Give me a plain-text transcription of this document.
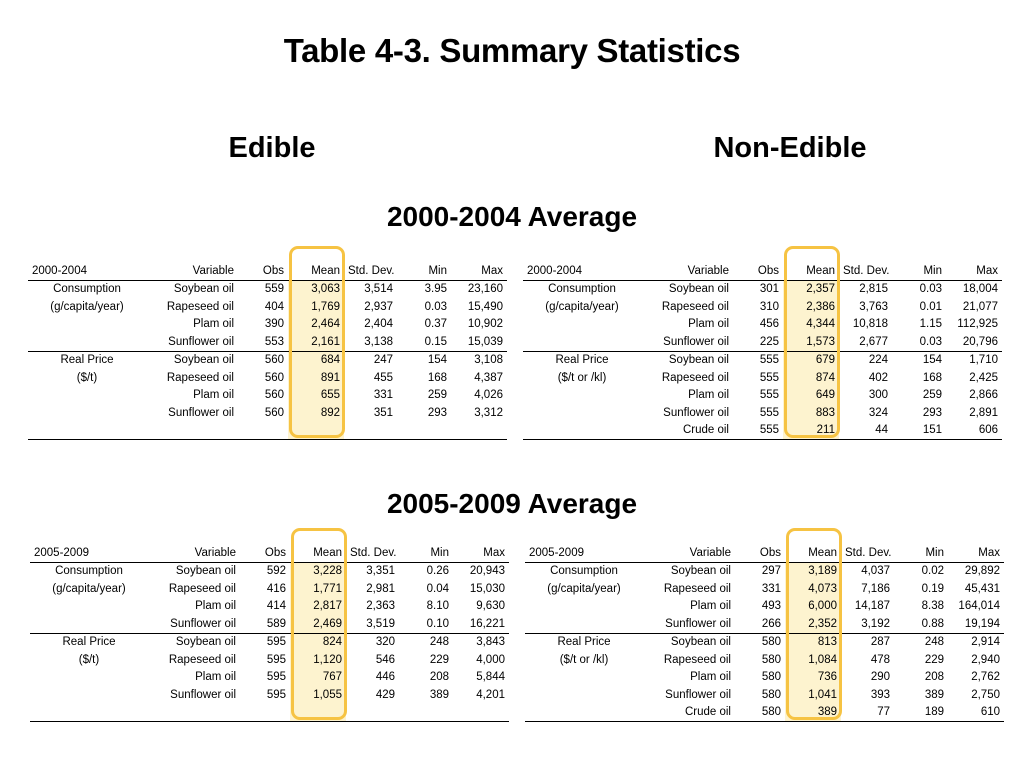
Table 4-3. Summary Statistics
Edible	Non-Edible
2000-2004 Average
2005-2009 Average
2000-2004	Variable	Obs	Mean	Std. Dev.	Min	Max
Consumption	Soybean oil	559	3,063	3,514	3.95	23,160
(g/capita/year)	Rapeseed oil	404	1,769	2,937	0.03	15,490
	Plam oil	390	2,464	2,404	0.37	10,902
	Sunflower oil	553	2,161	3,138	0.15	15,039
Real Price	Soybean oil	560	684	247	154	3,108
($/t)	Rapeseed oil	560	891	455	168	4,387
	Plam oil	560	655	331	259	4,026
	Sunflower oil	560	892	351	293	3,312

2000-2004	Variable	Obs	Mean	Std. Dev.	Min	Max
Consumption	Soybean oil	301	2,357	2,815	0.03	18,004
(g/capita/year)	Rapeseed oil	310	2,386	3,763	0.01	21,077
	Plam oil	456	4,344	10,818	1.15	112,925
	Sunflower oil	225	1,573	2,677	0.03	20,796
Real Price	Soybean oil	555	679	224	154	1,710
($/t or /kl)	Rapeseed oil	555	874	402	168	2,425
	Plam oil	555	649	300	259	2,866
	Sunflower oil	555	883	324	293	2,891
	Crude oil	555	211	44	151	606
2005-2009	Variable	Obs	Mean	Std. Dev.	Min	Max
Consumption	Soybean oil	592	3,228	3,351	0.26	20,943
(g/capita/year)	Rapeseed oil	416	1,771	2,981	0.04	15,030
	Plam oil	414	2,817	2,363	8.10	9,630
	Sunflower oil	589	2,469	3,519	0.10	16,221
Real Price	Soybean oil	595	824	320	248	3,843
($/t)	Rapeseed oil	595	1,120	546	229	4,000
	Plam oil	595	767	446	208	5,844
	Sunflower oil	595	1,055	429	389	4,201

2005-2009	Variable	Obs	Mean	Std. Dev.	Min	Max
Consumption	Soybean oil	297	3,189	4,037	0.02	29,892
(g/capita/year)	Rapeseed oil	331	4,073	7,186	0.19	45,431
	Plam oil	493	6,000	14,187	8.38	164,014
	Sunflower oil	266	2,352	3,192	0.88	19,194
Real Price	Soybean oil	580	813	287	248	2,914
($/t or /kl)	Rapeseed oil	580	1,084	478	229	2,940
	Plam oil	580	736	290	208	2,762
	Sunflower oil	580	1,041	393	389	2,750
	Crude oil	580	389	77	189	610
